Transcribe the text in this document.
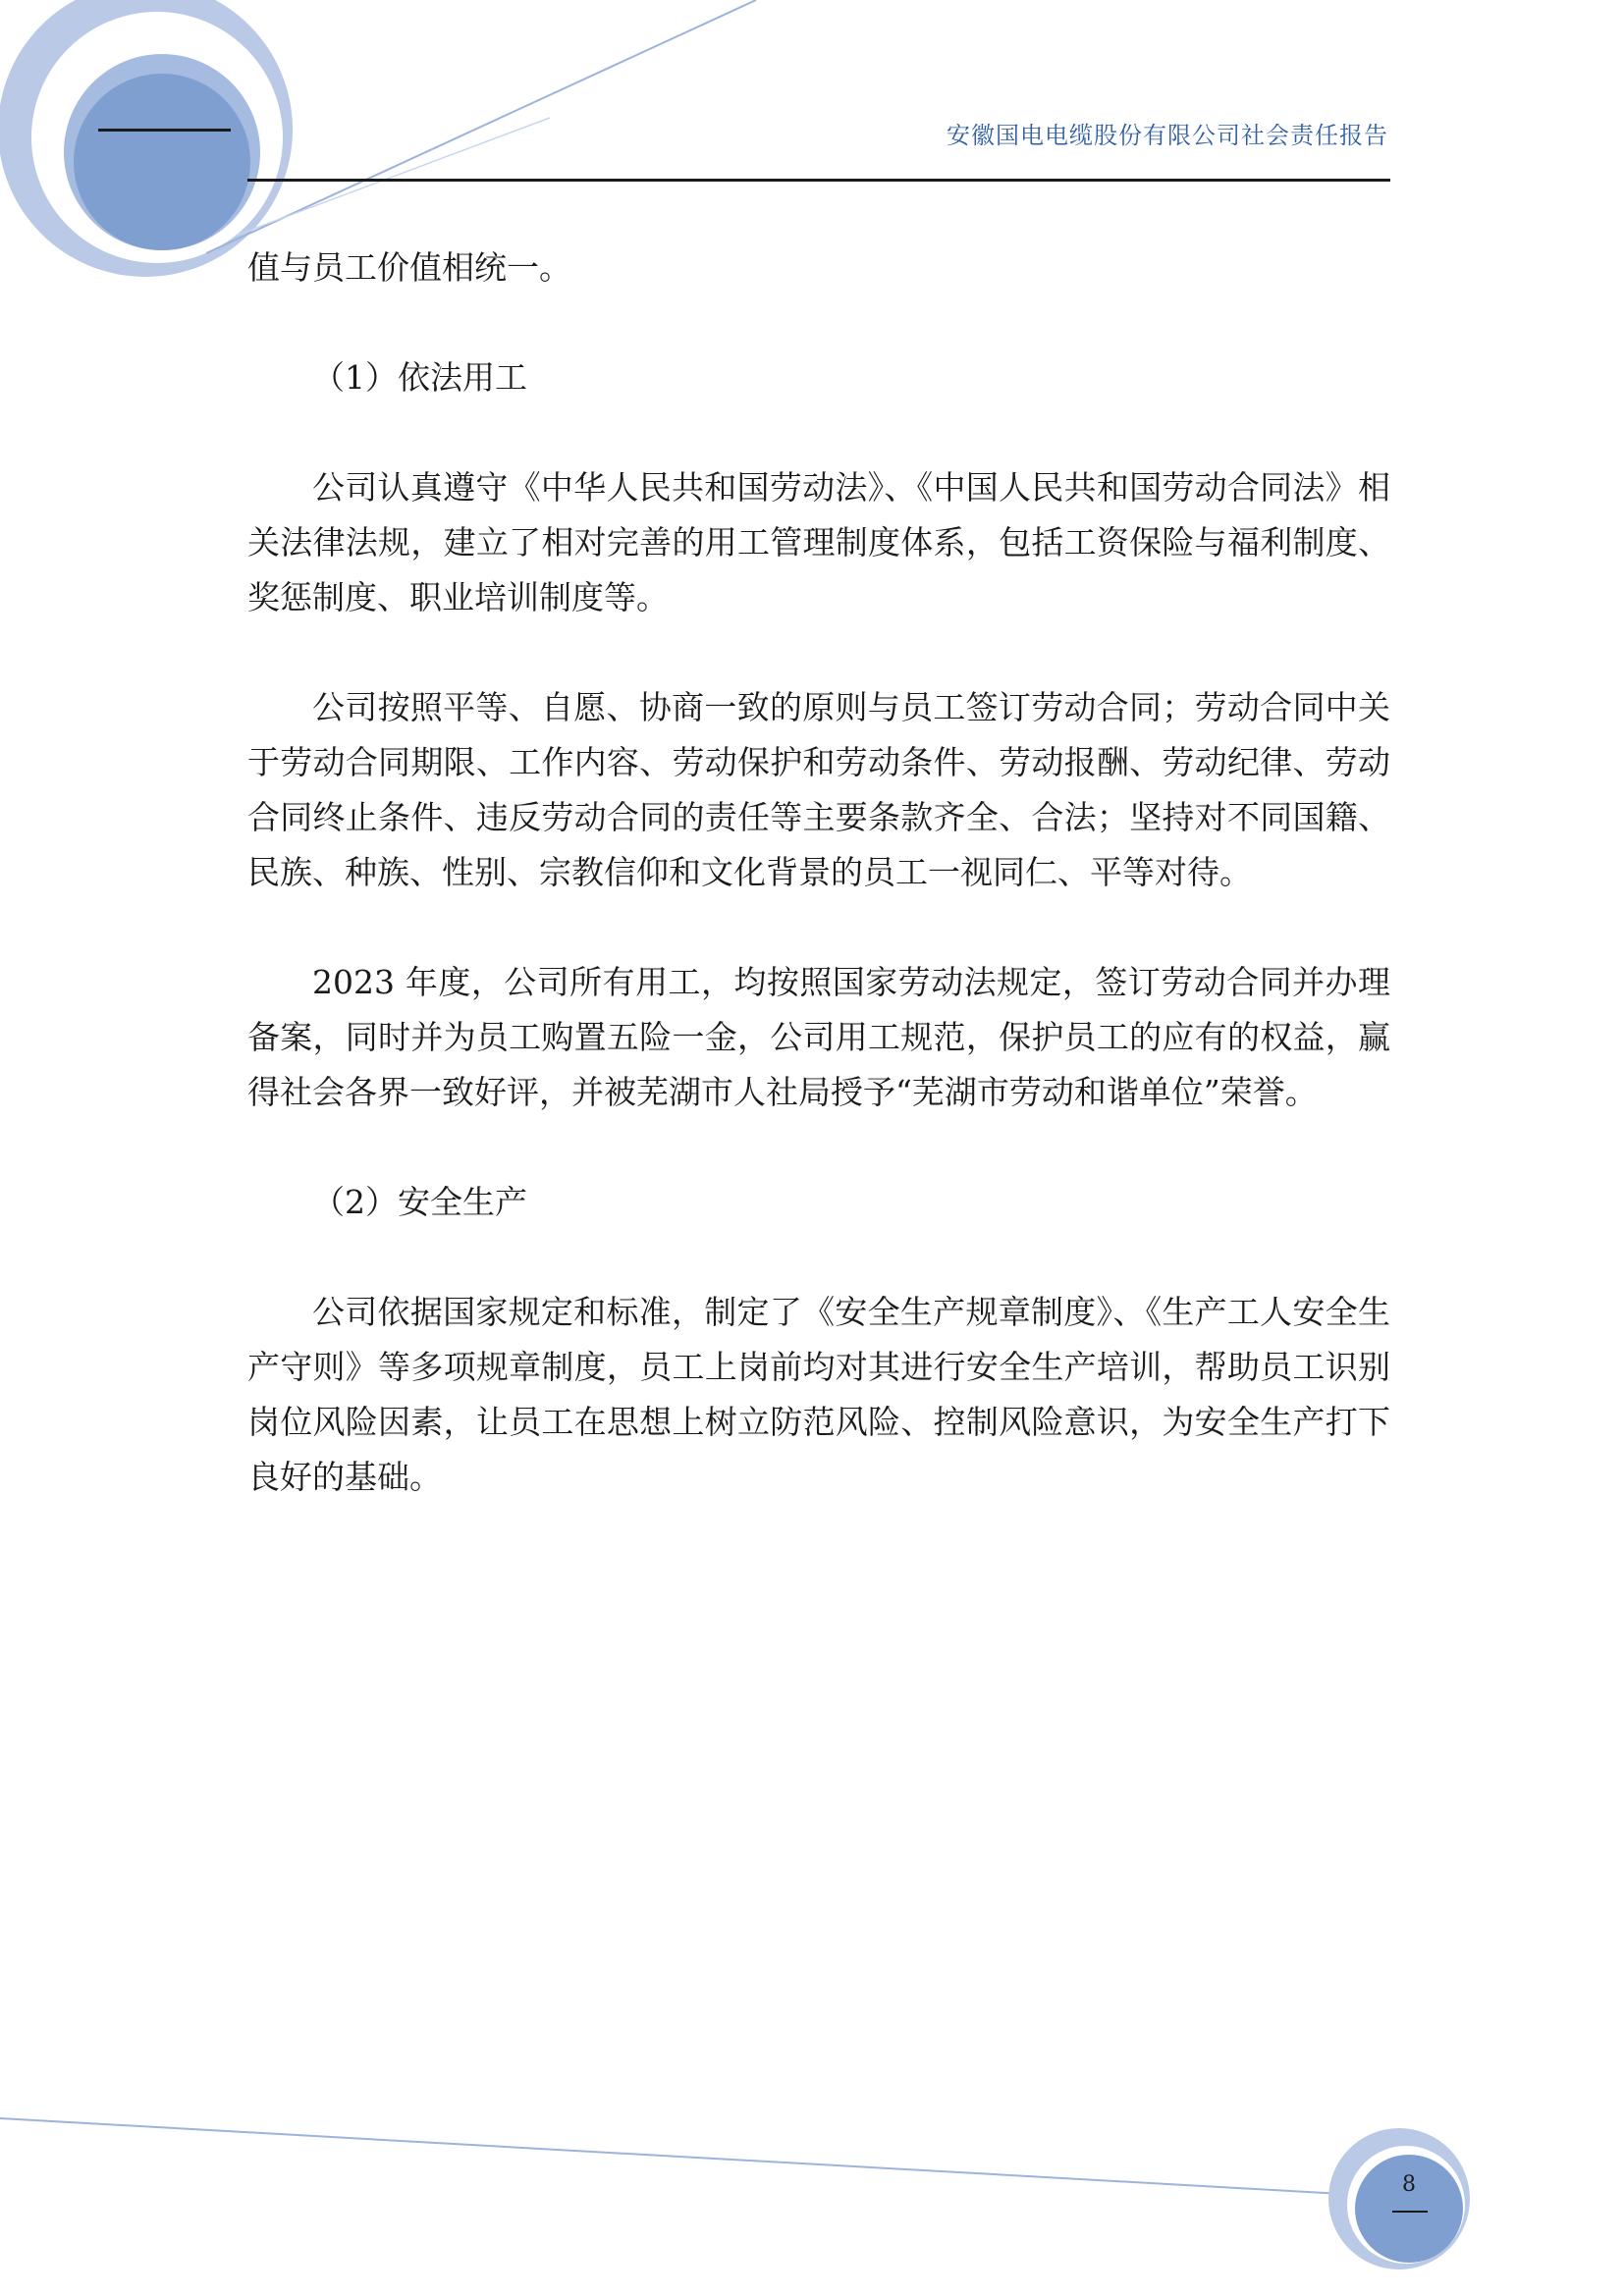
安徽国电电缆股份有限公司社会责任报告

值与员工价值相统一。

（1）依法用工

公司认真遵守《中华人民共和国劳动法》、《中国人民共和国劳动合同法》相关法律法规，建立了相对完善的用工管理制度体系，包括工资保险与福利制度、奖惩制度、职业培训制度等。

公司按照平等、自愿、协商一致的原则与员工签订劳动合同；劳动合同中关于劳动合同期限、工作内容、劳动保护和劳动条件、劳动报酬、劳动纪律、劳动合同终止条件、违反劳动合同的责任等主要条款齐全、合法；坚持对不同国籍、民族、种族、性别、宗教信仰和文化背景的员工一视同仁、平等对待。

2023 年度，公司所有用工，均按照国家劳动法规定，签订劳动合同并办理备案，同时并为员工购置五险一金，公司用工规范，保护员工的应有的权益，赢得社会各界一致好评，并被芜湖市人社局授予“芜湖市劳动和谐单位”荣誉。

（2）安全生产

公司依据国家规定和标准，制定了《安全生产规章制度》、《生产工人安全生产守则》等多项规章制度，员工上岗前均对其进行安全生产培训，帮助员工识别岗位风险因素，让员工在思想上树立防范风险、控制风险意识，为安全生产打下良好的基础。

8
